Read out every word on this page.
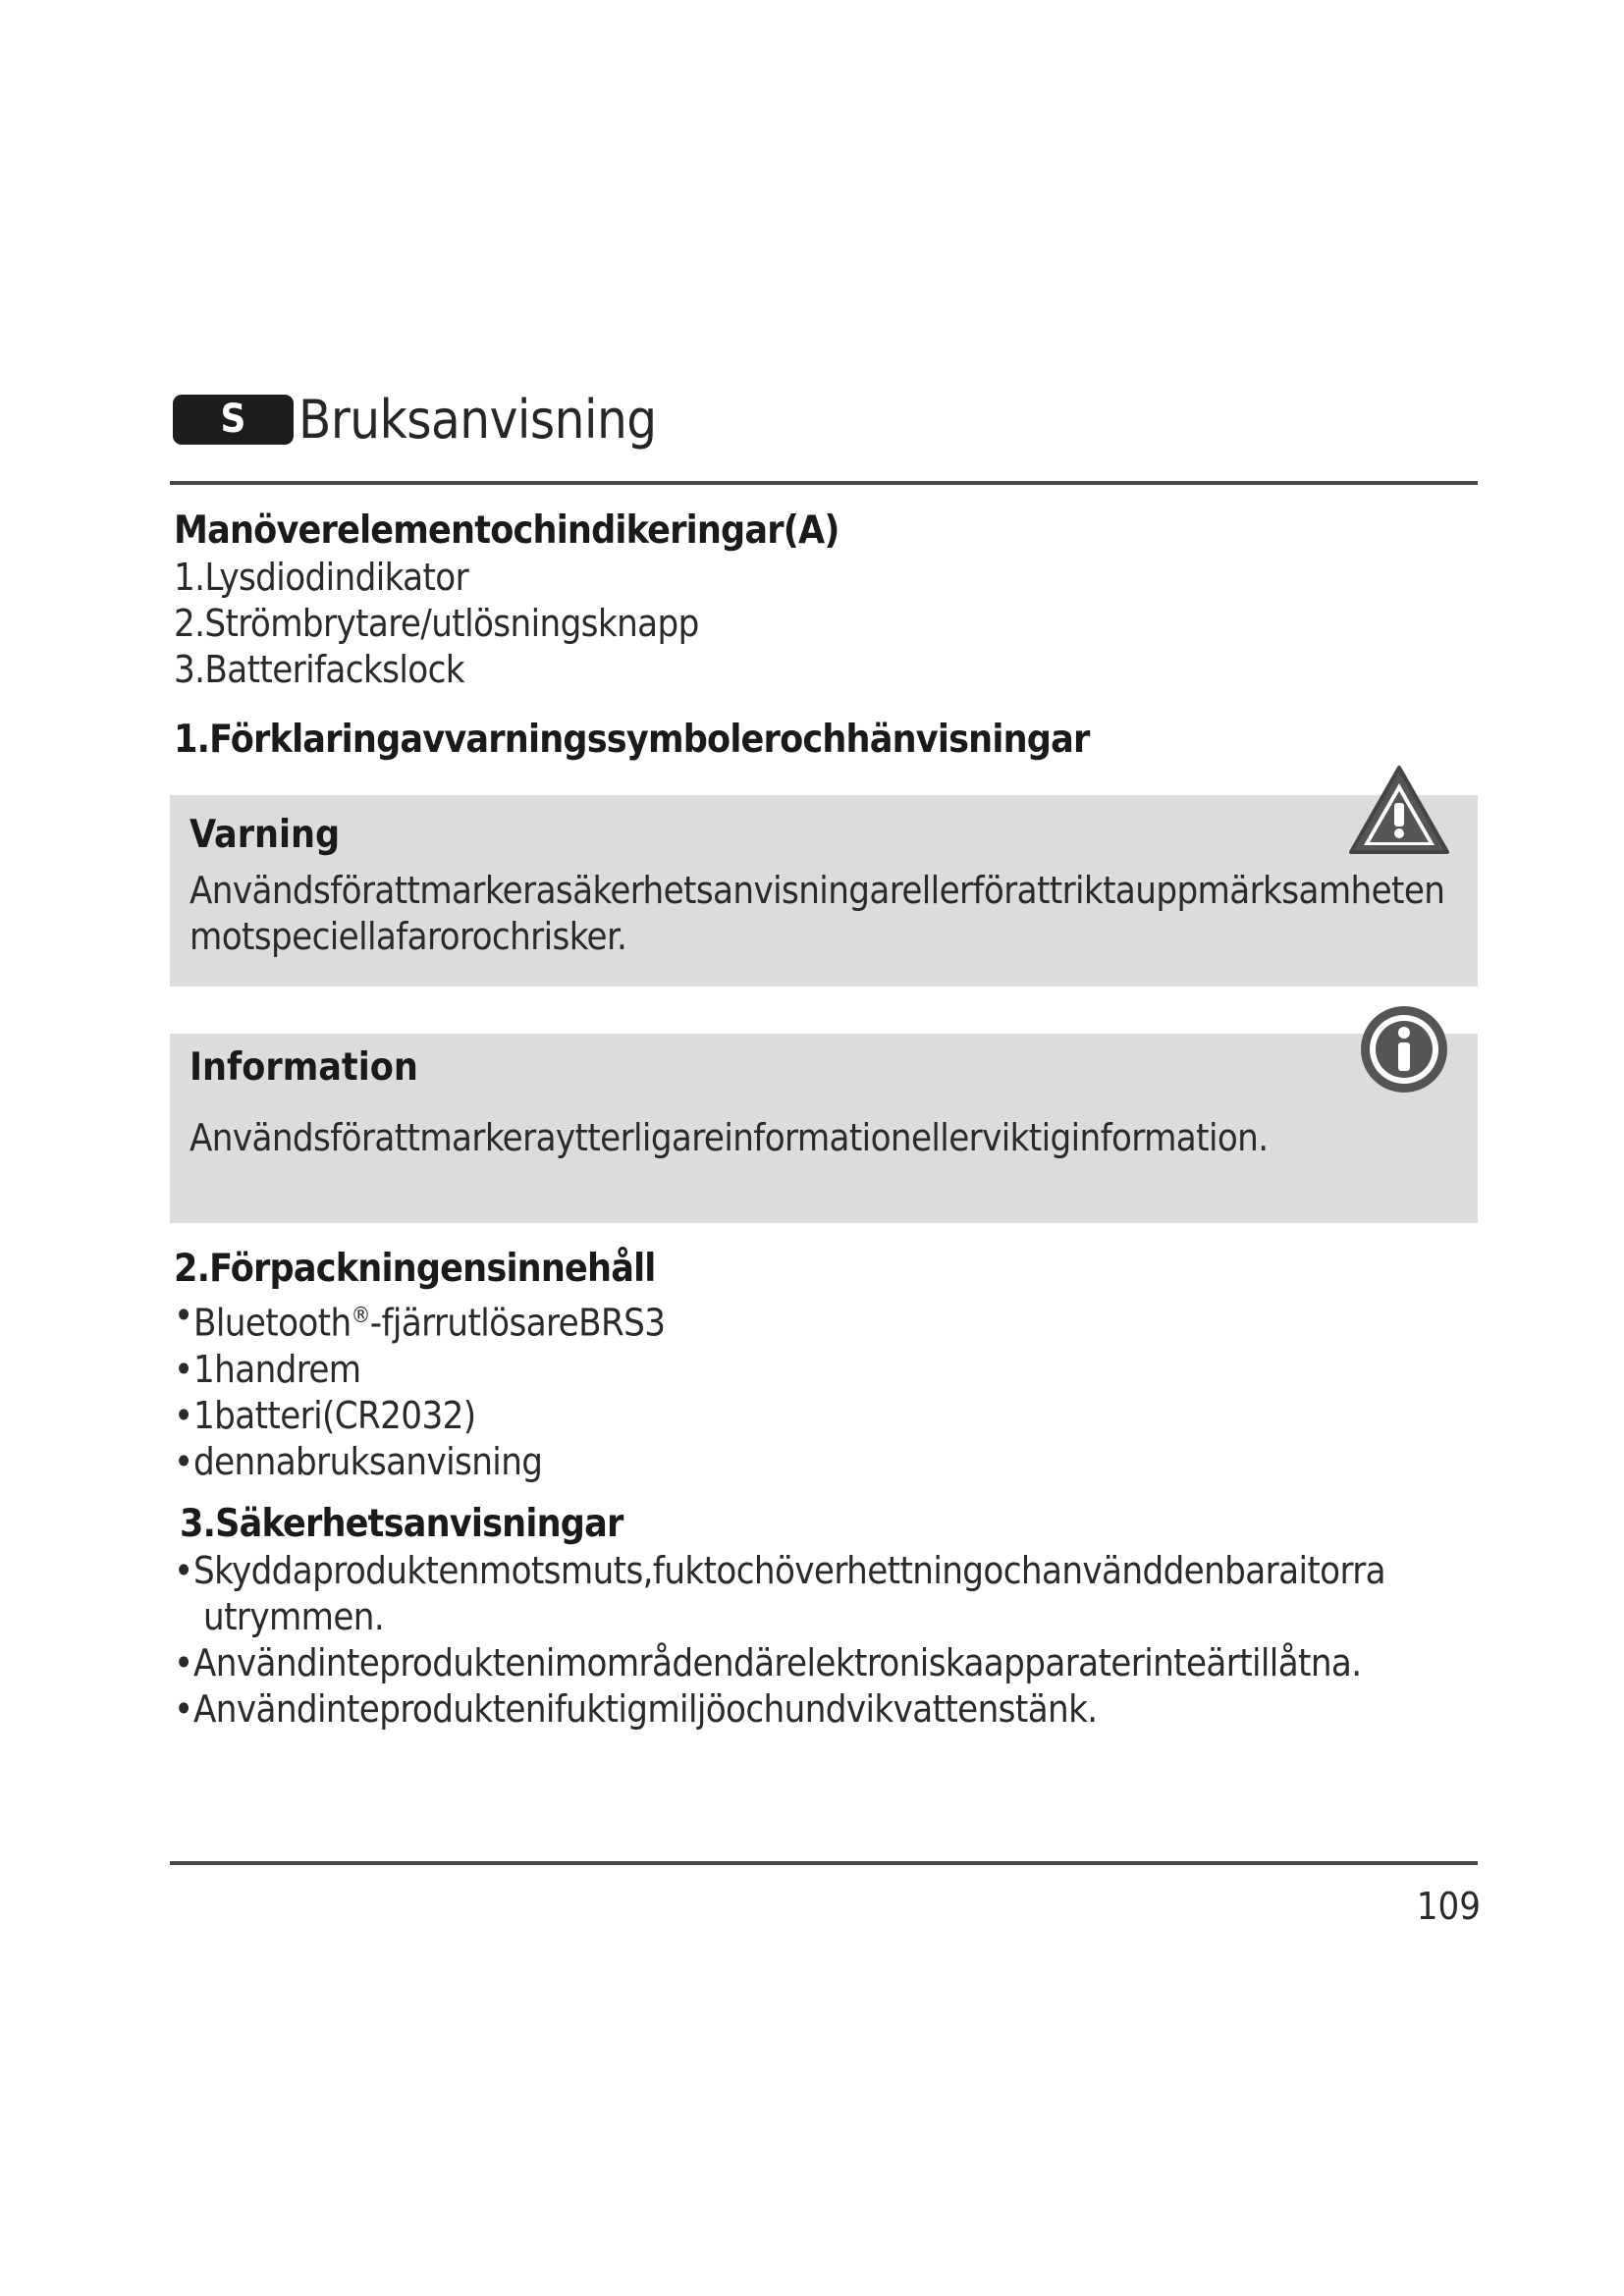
S Bruksanvisning
Manöverelementochindikeringar(A)
1.Lysdiodindikator
2.Strömbrytare/utlösningsknapp
3.Batterifackslock
1.Förklaringavvarningssymbolerochhänvisningar
Varning
Användsförattmarkerasäkerhetsanvisningarellerförattriktauppmärksamheten
motspeciellafarorochrisker.
Information
Användsförattmarkeraytterligareinformationellerviktiginformation.
2.Förpackningensinnehåll
• Bluetooth®-fjärrutlösareBRS3
• 1handrem
• 1batteri(CR2032)
• dennabruksanvisning
3.Säkerhetsanvisningar
• Skyddaproduktenmotsmuts,fuktochöverhettningochanvänddenbaraitorra
utrymmen.
• Användinteproduktenimområdendärelektroniskaapparaterinteärtillåtna.
• Användinteproduktenifuktigmiljöochundvikvattenstänk.
109
